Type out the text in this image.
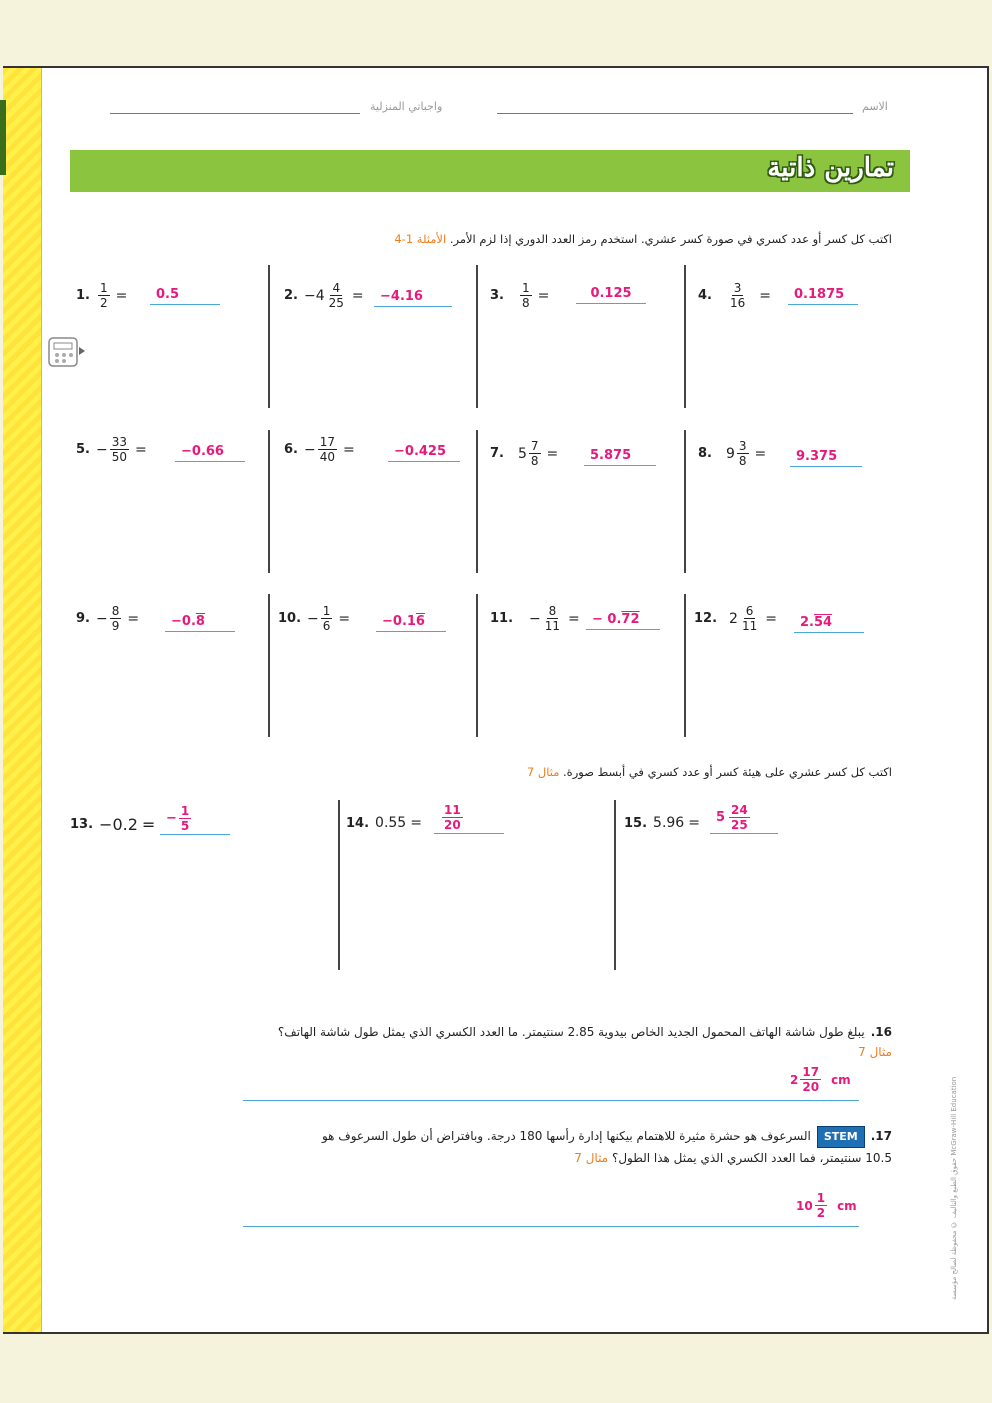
الاسم
واجباتي المنزلية
تمارين ذاتية
اكتب كل كسر أو عدد كسري في صورة كسر عشري. استخدم رمز العدد الدوري إذا لزم الأمر. الأمثلة 1-4
1. $\frac{1}{2}$ =	0.5	2. $-4 \frac{4}{25}$ =	−4.16	3. $\frac{1}{8}$ =	0.125	4. $\frac{3}{16}$ =	0.1875
5. − $\frac{33}{50}$ =	−0.66	6. − $\frac{17}{40}$ =	−0.425	7. $5 \frac{7}{8}$ =	5.875	8. $9 \frac{3}{8}$ =	9.375
9. − $\frac{8}{9}$ =	−0.8	10. − $\frac{1}{6}$ =	−0.16	11. − $\frac{8}{11}$ = − 0.72	12. $2 \frac{6}{11}$ =	2.54
اكتب كل كسر عشري على هيئة كسر أو عدد كسري في أبسط صورة. مثال 7
13. −0.2 = − $\frac{1}{5}$	14. $0.55 = \frac{11}{20}$	15. $5.96 = 5 \frac{24}{25}$
16.يبلغ طول شاشة الهاتف المحمول الجديد الخاص بيدوية 2.85 سنتيمتر. ما العدد الكسري الذي يمثل طول شاشة الهاتف؟ مثال 7
$2 \frac{17}{20}$ cm
17.STEMالسرعوف هو حشرة مثيرة للاهتمام بيكنها إدارة رأسها 180 درجة. وبافتراض أن طول السرعوف هو
10.5 سنتيمتر، فما العدد الكسري الذي يمثل هذا الطول؟ مثال 7
$10 \frac{1}{2}$ cm	حقوق الطبع والتأليف © محفوظة لصالح مؤسسة McGraw-Hill Education
